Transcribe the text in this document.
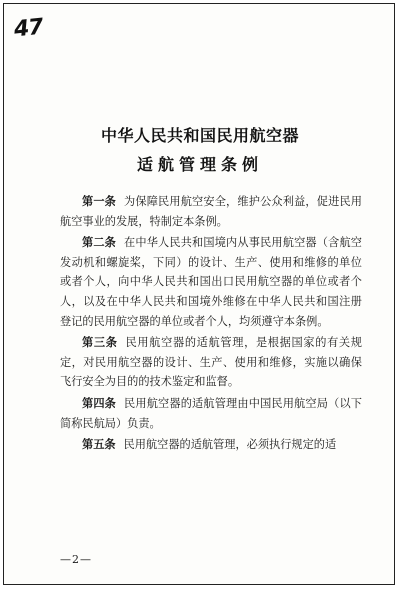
47
中华人民共和国民用航空器
适航管理条例

第一条 为保障民用航空安全，维护公众利益，促进民用航空事业的发展，特制定本条例。

第二条 在中华人民共和国境内从事民用航空器（含航空发动机和螺旋桨，下同）的设计、生产、使用和维修的单位或者个人，向中华人民共和国出口民用航空器的单位或者个人，以及在中华人民共和国境外维修在中华人民共和国注册登记的民用航空器的单位或者个人，均须遵守本条例。

第三条 民用航空器的适航管理，是根据国家的有关规定，对民用航空器的设计、生产、使用和维修，实施以确保飞行安全为目的的技术鉴定和监督。

第四条 民用航空器的适航管理由中国民用航空局（以下简称民航局）负责。

第五条 民用航空器的适航管理，必须执行规定的适

—2—
